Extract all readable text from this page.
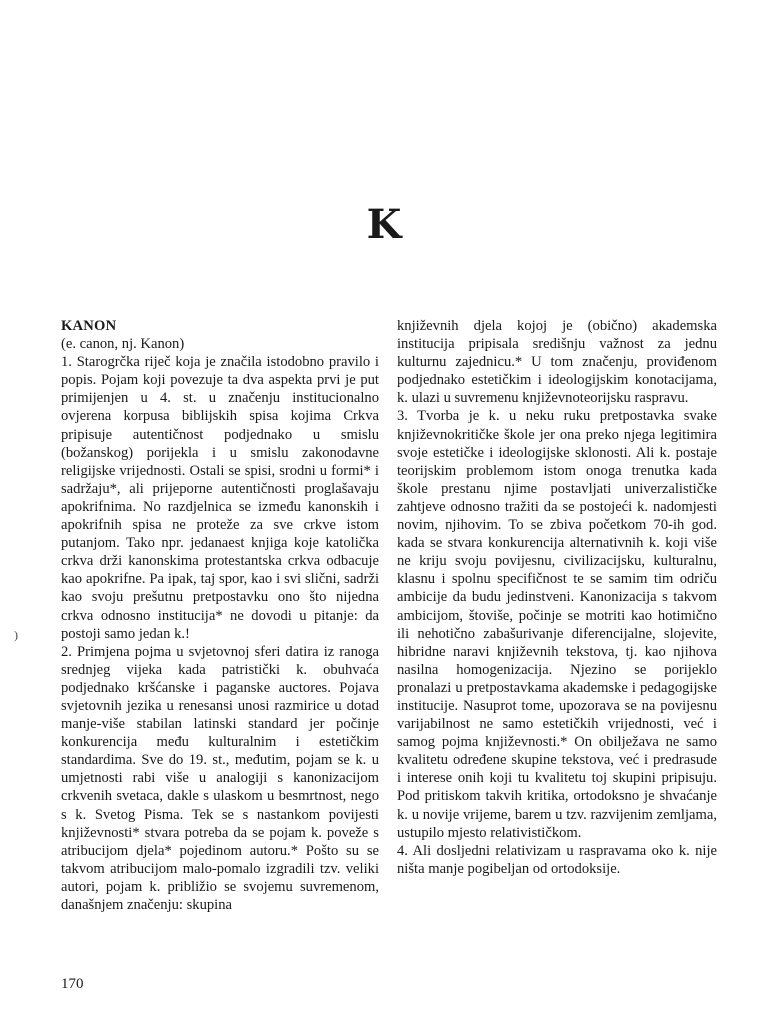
K

KANON

(e. canon, nj. Kanon)

1. Starogrčka riječ koja je značila istodobno pravilo i popis. Pojam koji povezuje ta dva aspekta prvi je put primijenjen u 4. st. u značenju institucionalno ovjerena korpusa biblijskih spisa kojima Crkva pripisuje autentičnost podjednako u smislu (božanskog) porijekla i u smislu zakonodavne religijske vrijednosti. Ostali se spisi, srodni u formi* i sadržaju*, ali prijeporne autentičnosti proglašavaju apokrifnima. No razdjelnica se između kanonskih i apokrifnih spisa ne proteže za sve crkve istom putanjom. Tako npr. jedanaest knjiga koje katolička crkva drži kanonskima protestantska crkva odbacuje kao apokrifne. Pa ipak, taj spor, kao i svi slični, sadrži kao svoju prešutnu pretpostavku ono što nijedna crkva odnosno institucija* ne dovodi u pitanje: da postoji samo jedan k.!

2. Primjena pojma u svjetovnoj sferi datira iz ranoga srednjeg vijeka kada patristički k. obuhvaća podjednako kršćanske i paganske auctores. Pojava svjetovnih jezika u renesansi unosi razmirice u dotad manje-više stabilan latinski standard jer počinje konkurencija među kulturalnim i estetičkim standardima. Sve do 19. st., međutim, pojam se k. u umjetnosti rabi više u analogiji s kanonizacijom crkvenih svetaca, dakle s ulaskom u besmrtnost, nego s k. Svetog Pisma. Tek se s nastankom povijesti književnosti* stvara potreba da se pojam k. poveže s atribucijom djela* pojedinom autoru.* Pošto su se takvom atribucijom malo-pomalo izgradili tzv. veliki autori, pojam k. približio se svojemu suvremenom, današnjem značenju: skupina

književnih djela kojoj je (obično) akademska institucija pripisala središnju važnost za jednu kulturnu zajednicu.* U tom značenju, provіđenom podjednako estetičkim i ideologijskim konotacijama, k. ulazi u suvremenu književnoteorijsku raspravu.

3. Tvorba je k. u neku ruku pretpostavka svake književnokritičke škole jer ona preko njega legitimira svoje estetičke i ideologijske sklonosti. Ali k. postaje teorijskim problemom istom onoga trenutka kada škole prestanu njime postavljati univerzalističke zahtjeve odnosno tražiti da se postojeći k. nadomjesti novim, njihovim. To se zbiva početkom 70-ih god. kada se stvara konkurencija alternativnih k. koji više ne kriju svoju povijesnu, civilizacijsku, kulturalnu, klasnu i spolnu specifičnost te se samim tim odriču ambicije da budu jedinstveni. Kanonizacija s takvom ambicijom, štoviše, počinje se motriti kao hotimično ili nehotično zabašurivanje diferencijalne, slojevite, hibridne naravi književnih tekstova, tj. kao njihova nasilna homogenizacija. Njezino se porijeklo pronalazi u pretpostavkama akademske i pedagogijske institucije. Nasuprot tome, upozorava se na povijesnu varijabilnost ne samo estetičkih vrijednosti, već i samog pojma književnosti.* On obilježava ne samo kvalitetu određene skupine tekstova, već i predrasude i interese onih koji tu kvalitetu toj skupini pripisuju. Pod pritiskom takvih kritika, ortodoksno je shvaćanje k. u novije vrijeme, barem u tzv. razvijenim zemljama, ustupilo mjesto relativističkom.

4. Ali dosljedni relativizam u raspravama oko k. nije ništa manje pogibeljan od ortodoksije.

170
)
